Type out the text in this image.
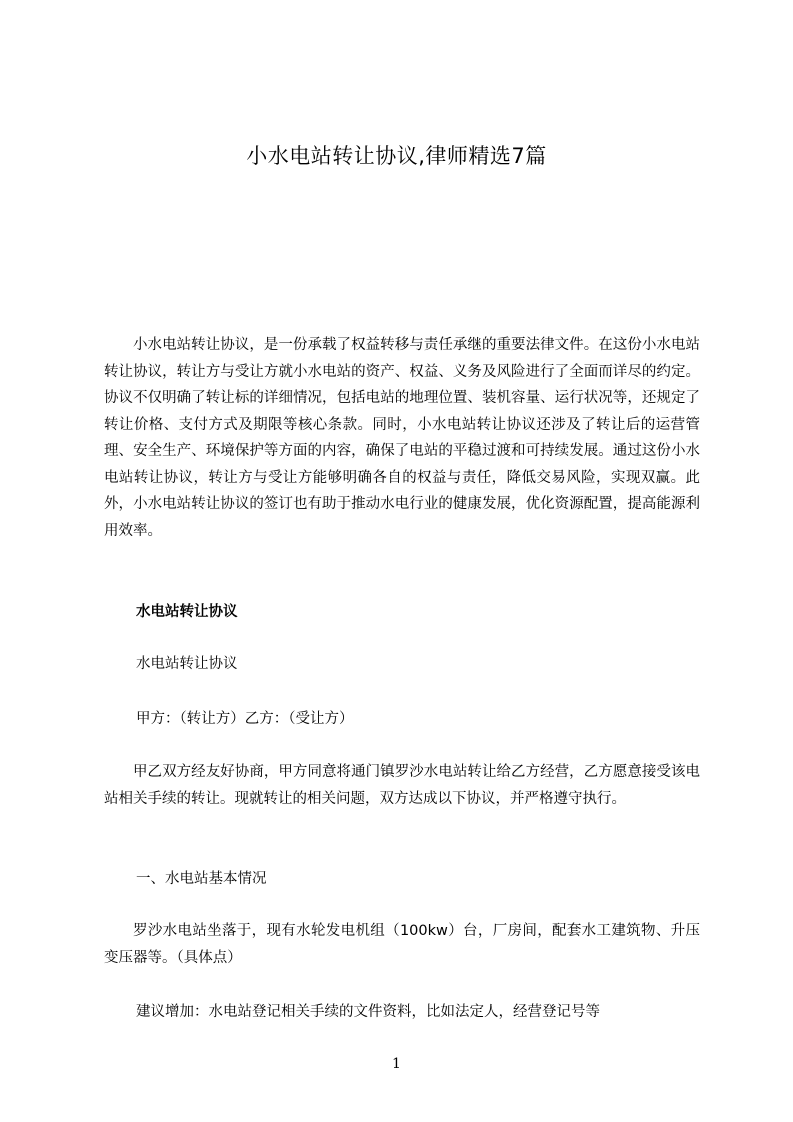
小水电站转让协议,律师精选7篇

小水电站转让协议，是一份承载了权益转移与责任承继的重要法律文件。在这份小水电站转让协议，转让方与受让方就小水电站的资产、权益、义务及风险进行了全面而详尽的约定。协议不仅明确了转让标的详细情况，包括电站的地理位置、装机容量、运行状况等，还规定了转让价格、支付方式及期限等核心条款。同时，小水电站转让协议还涉及了转让后的运营管理、安全生产、环境保护等方面的内容，确保了电站的平稳过渡和可持续发展。通过这份小水电站转让协议，转让方与受让方能够明确各自的权益与责任，降低交易风险，实现双赢。此外，小水电站转让协议的签订也有助于推动水电行业的健康发展，优化资源配置，提高能源利用效率。

水电站转让协议

水电站转让协议

甲方：（转让方）乙方：（受让方）

甲乙双方经友好协商，甲方同意将通门镇罗沙水电站转让给乙方经营，乙方愿意接受该电站相关手续的转让。现就转让的相关问题，双方达成以下协议，并严格遵守执行。

一、水电站基本情况

罗沙水电站坐落于，现有水轮发电机组（100kw）台，厂房间，配套水工建筑物、升压变压器等。（具体点）

建议增加：水电站登记相关手续的文件资料，比如法定人，经营登记号等

1
